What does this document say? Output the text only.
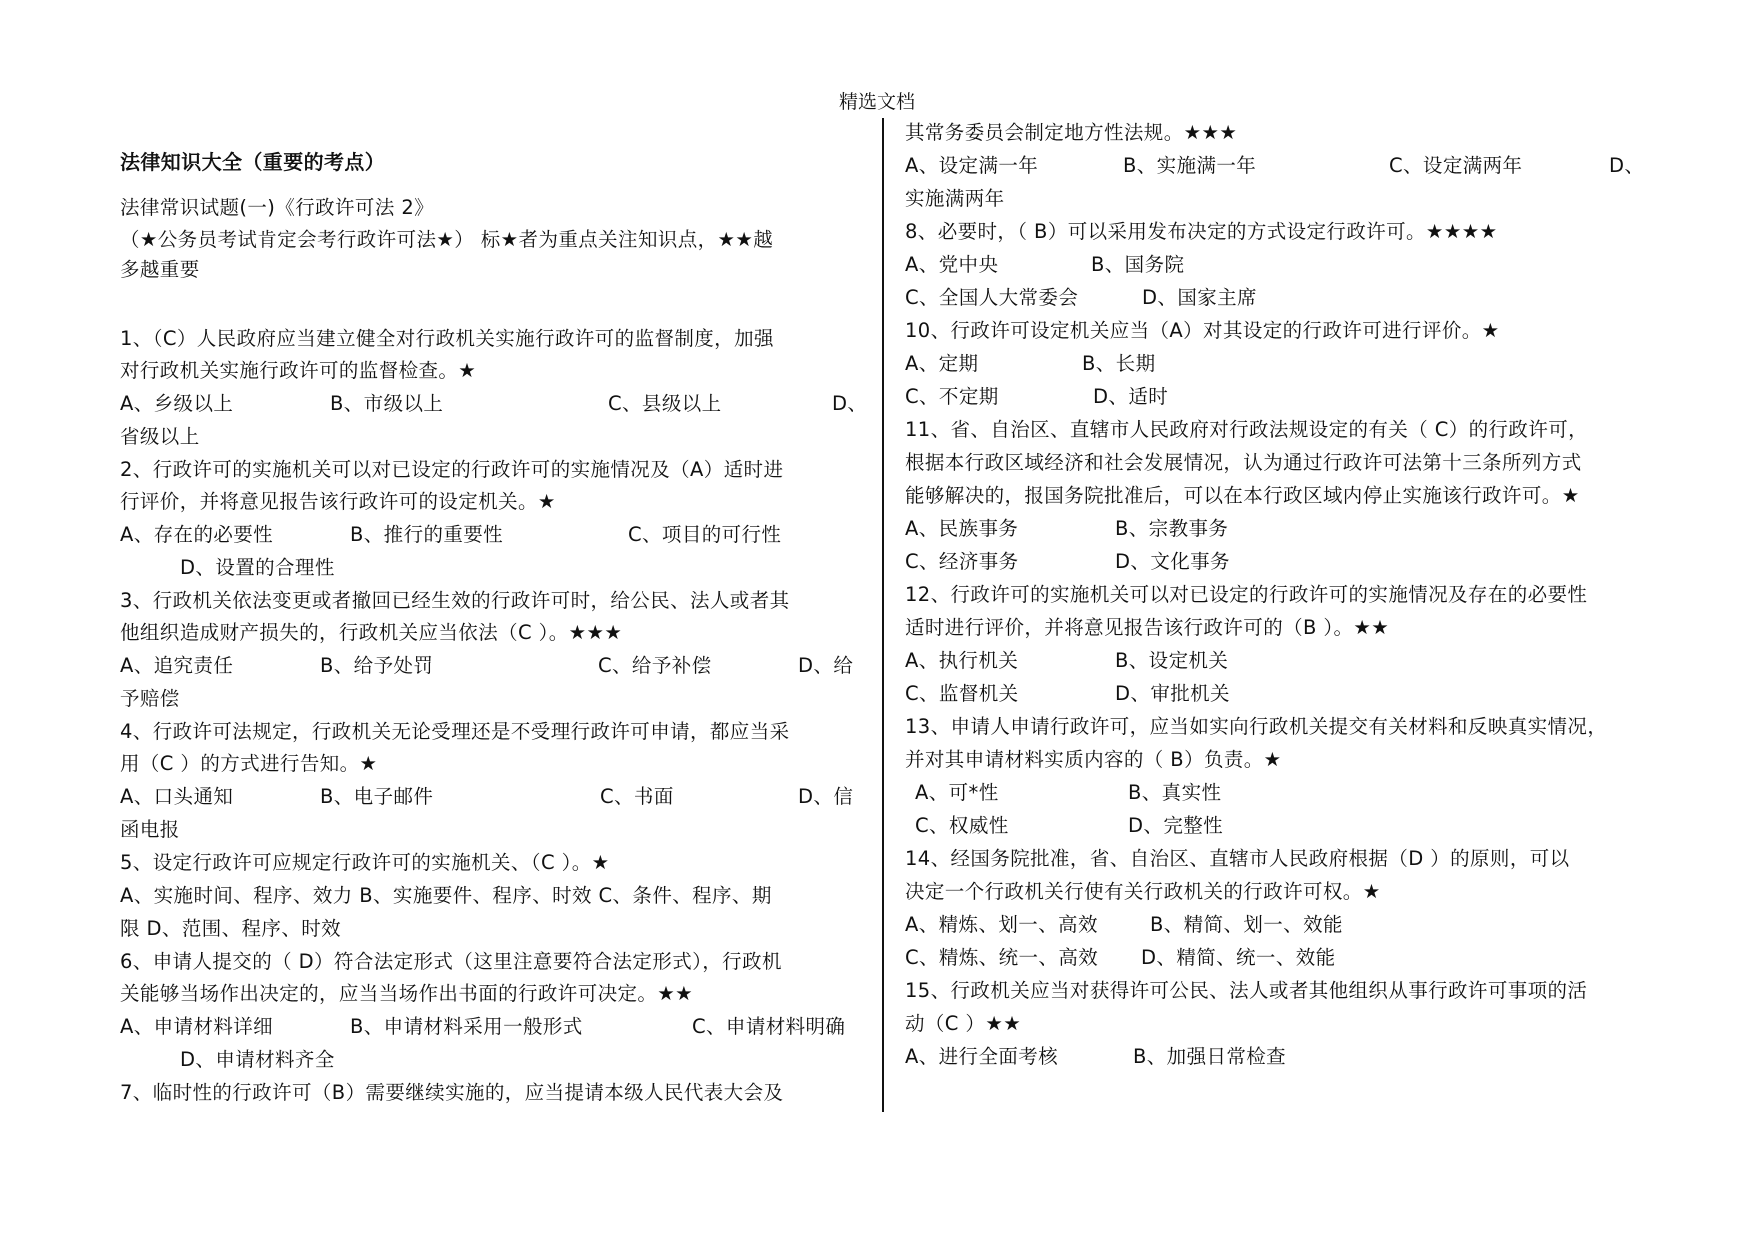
精选文档
法律知识大全（重要的考点）
法律常识试题(一)《行政许可法 2》
（★公务员考试肯定会考行政许可法★） 标★者为重点关注知识点，★★越
多越重要
1、（C）人民政府应当建立健全对行政机关实施行政许可的监督制度，加强
对行政机关实施行政许可的监督检查。★
A、乡级以上	B、市级以上	C、县级以上	D、
省级以上
2、行政许可的实施机关可以对已设定的行政许可的实施情况及（A）适时进
行评价，并将意见报告该行政许可的设定机关。★
A、存在的必要性	B、推行的重要性	C、项目的可行性
D、设置的合理性
3、行政机关依法变更或者撤回已经生效的行政许可时，给公民、法人或者其
他组织造成财产损失的，行政机关应当依法（C ）。★★★
A、追究责任	B、给予处罚	C、给予补偿	D、给
予赔偿
4、行政许可法规定，行政机关无论受理还是不受理行政许可申请，都应当采
用（C ）的方式进行告知。★
A、口头通知	B、电子邮件	C、书面	D、信
函电报
5、设定行政许可应规定行政许可的实施机关、（C ）。★
A、实施时间、程序、效力 B、实施要件、程序、时效 C、条件、程序、期
限 D、范围、程序、时效
6、申请人提交的（ D）符合法定形式（这里注意要符合法定形式），行政机
关能够当场作出决定的，应当当场作出书面的行政许可决定。★★
A、申请材料详细	B、申请材料采用一般形式	C、申请材料明确
D、申请材料齐全
7、临时性的行政许可（B）需要继续实施的，应当提请本级人民代表大会及
其常务委员会制定地方性法规。★★★
A、设定满一年	B、实施满一年	C、设定满两年	D、
实施满两年
8、必要时，（ B）可以采用发布决定的方式设定行政许可。★★★★
A、党中央	B、国务院
C、全国人大常委会	D、国家主席
10、行政许可设定机关应当（A）对其设定的行政许可进行评价。★
A、定期	B、长期
C、不定期	D、适时
11、省、自治区、直辖市人民政府对行政法规设定的有关（ C）的行政许可，
根据本行政区域经济和社会发展情况，认为通过行政许可法第十三条所列方式
能够解决的，报国务院批准后，可以在本行政区域内停止实施该行政许可。★
A、民族事务	B、宗教事务
C、经济事务	D、文化事务
12、行政许可的实施机关可以对已设定的行政许可的实施情况及存在的必要性
适时进行评价，并将意见报告该行政许可的（B ）。★★
A、执行机关	B、设定机关
C、监督机关	D、审批机关
13、申请人申请行政许可，应当如实向行政机关提交有关材料和反映真实情况，
并对其申请材料实质内容的（ B）负责。★
A、可*性	B、真实性
C、权威性	D、完整性
14、经国务院批准，省、自治区、直辖市人民政府根据（D ）的原则，可以
决定一个行政机关行使有关行政机关的行政许可权。★
A、精炼、划一、高效	B、精简、划一、效能
C、精炼、统一、高效 D、精简、统一、效能
15、行政机关应当对获得许可公民、法人或者其他组织从事行政许可事项的活
动（C ）★★
A、进行全面考核	B、加强日常检查
